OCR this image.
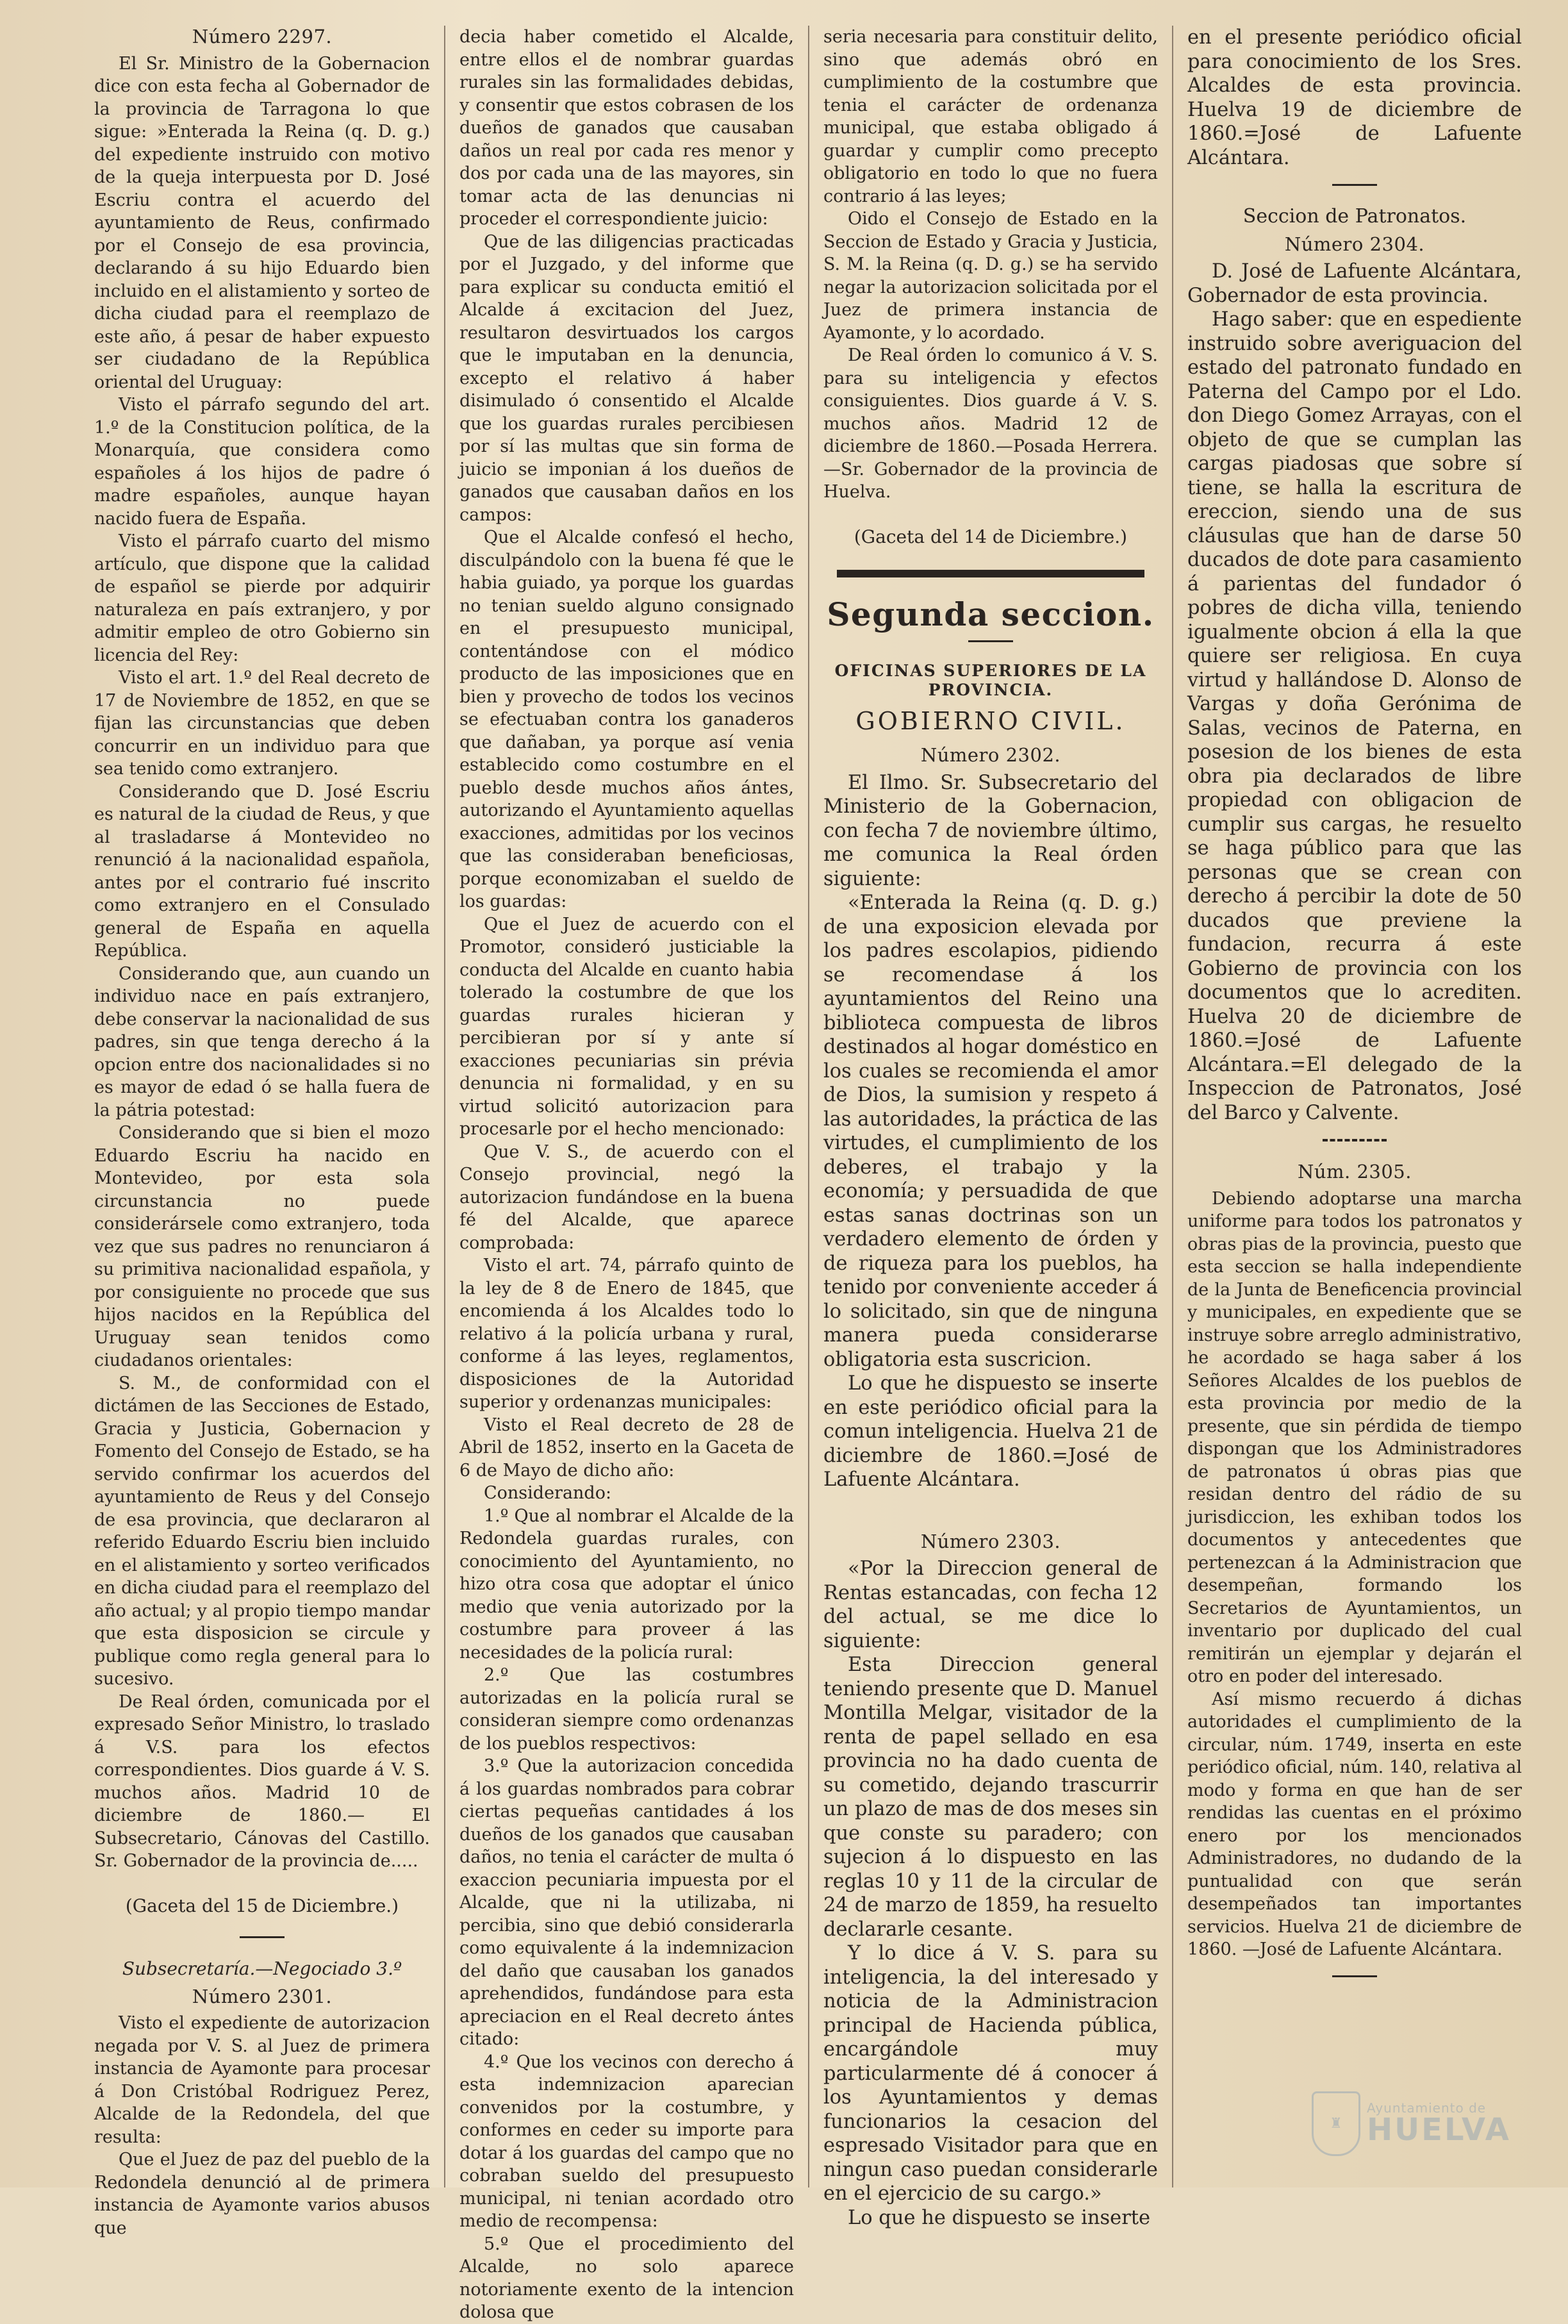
Número 2297.

El Sr. Ministro de la Gobernacion dice con esta fecha al Gobernador de la provincia de Tarragona lo que sigue: »Enterada la Reina (q. D. g.) del expediente instruido con motivo de la queja interpuesta por D. José Escriu contra el acuerdo del ayuntamiento de Reus, confirmado por el Consejo de esa provincia, declarando á su hijo Eduardo bien incluido en el alistamiento y sorteo de dicha ciudad para el reemplazo de este año, á pesar de haber expuesto ser ciudadano de la República oriental del Uruguay:

Visto el párrafo segundo del art. 1.º de la Constitucion política, de la Monarquía, que considera como españoles á los hijos de padre ó madre españoles, aunque hayan nacido fuera de España.

Visto el párrafo cuarto del mismo artículo, que dispone que la calidad de español se pierde por adquirir naturaleza en país extranjero, y por admitir empleo de otro Gobierno sin licencia del Rey:

Visto el art. 1.º del Real decreto de 17 de Noviembre de 1852, en que se fijan las circunstancias que deben concurrir en un individuo para que sea tenido como extranjero.

Considerando que D. José Escriu es natural de la ciudad de Reus, y que al trasladarse á Montevideo no renunció á la nacionalidad española, antes por el contrario fué inscrito como extranjero en el Consulado general de España en aquella República.

Considerando que, aun cuando un individuo nace en país extranjero, debe conservar la nacionalidad de sus padres, sin que tenga derecho á la opcion entre dos nacionalidades si no es mayor de edad ó se halla fuera de la pátria potestad:

Considerando que si bien el mozo Eduardo Escriu ha nacido en Montevideo, por esta sola circunstancia no puede considerársele como extranjero, toda vez que sus padres no renunciaron á su primitiva nacionalidad española, y por consiguiente no procede que sus hijos nacidos en la República del Uruguay sean tenidos como ciudadanos orientales:

S. M., de conformidad con el dictámen de las Secciones de Estado, Gracia y Justicia, Gobernacion y Fomento del Consejo de Estado, se ha servido confirmar los acuerdos del ayuntamiento de Reus y del Consejo de esa provincia, que declararon al referido Eduardo Escriu bien incluido en el alistamiento y sorteo verificados en dicha ciudad para el reemplazo del año actual; y al propio tiempo mandar que esta disposicion se circule y publique como regla general para lo sucesivo.

De Real órden, comunicada por el expresado Señor Ministro, lo traslado á V.S. para los efectos correspondientes. Dios guarde á V. S. muchos años. Madrid 10 de diciembre de 1860.— El Subsecretario, Cánovas del Castillo. Sr. Gobernador de la provincia de.....

(Gaceta del 15 de Diciembre.)
Subsecretaría.—Negociado 3.º
Número 2301.

Visto el expediente de autorizacion negada por V. S. al Juez de primera instancia de Ayamonte para procesar á Don Cristóbal Rodriguez Perez, Alcalde de la Redondela, del que resulta:

Que el Juez de paz del pueblo de la Redondela denunció al de primera instancia de Ayamonte varios abusos que

decia haber cometido el Alcalde, entre ellos el de nombrar guardas rurales sin las formalidades debidas, y consentir que estos cobrasen de los dueños de ganados que causaban daños un real por cada res menor y dos por cada una de las mayores, sin tomar acta de las denuncias ni proceder el correspondiente juicio:

Que de las diligencias practicadas por el Juzgado, y del informe que para explicar su conducta emitió el Alcalde á excitacion del Juez, resultaron desvirtuados los cargos que le imputaban en la denuncia, excepto el relativo á haber disimulado ó consentido el Alcalde que los guardas rurales percibiesen por sí las multas que sin forma de juicio se imponian á los dueños de ganados que causaban daños en los campos:

Que el Alcalde confesó el hecho, disculpándolo con la buena fé que le habia guiado, ya porque los guardas no tenian sueldo alguno consignado en el presupuesto municipal, contentándose con el módico producto de las imposiciones que en bien y provecho de todos los vecinos se efectuaban contra los ganaderos que dañaban, ya porque así venia establecido como costumbre en el pueblo desde muchos años ántes, autorizando el Ayuntamiento aquellas exacciones, admitidas por los vecinos que las consideraban beneficiosas, porque economizaban el sueldo de los guardas:

Que el Juez de acuerdo con el Promotor, consideró justiciable la conducta del Alcalde en cuanto habia tolerado la costumbre de que los guardas rurales hicieran y percibieran por sí y ante sí exacciones pecuniarias sin prévia denuncia ni formalidad, y en su virtud solicitó autorizacion para procesarle por el hecho mencionado:

Que V. S., de acuerdo con el Consejo provincial, negó la autorizacion fundándose en la buena fé del Alcalde, que aparece comprobada:

Visto el art. 74, párrafo quinto de la ley de 8 de Enero de 1845, que encomienda á los Alcaldes todo lo relativo á la policía urbana y rural, conforme á las leyes, reglamentos, disposiciones de la Autoridad superior y ordenanzas municipales:

Visto el Real decreto de 28 de Abril de 1852, inserto en la Gaceta de 6 de Mayo de dicho año:

Considerando:

1.º Que al nombrar el Alcalde de la Redondela guardas rurales, con conocimiento del Ayuntamiento, no hizo otra cosa que adoptar el único medio que venia autorizado por la costumbre para proveer á las necesidades de la policía rural:

2.º Que las costumbres autorizadas en la policía rural se consideran siempre como ordenanzas de los pueblos respectivos:

3.º Que la autorizacion concedida á los guardas nombrados para cobrar ciertas pequeñas cantidades á los dueños de los ganados que causaban daños, no tenia el carácter de multa ó exaccion pecuniaria impuesta por el Alcalde, que ni la utilizaba, ni percibia, sino que debió considerarla como equivalente á la indemnizacion del daño que causaban los ganados aprehendidos, fundándose para esta apreciacion en el Real decreto ántes citado:

4.º Que los vecinos con derecho á esta indemnizacion aparecian convenidos por la costumbre, y conformes en ceder su importe para dotar á los guardas del campo que no cobraban sueldo del presupuesto municipal, ni tenian acordado otro medio de recompensa:

5.º Que el procedimiento del Alcalde, no solo aparece notoriamente exento de la intencion dolosa que

seria necesaria para constituir delito, sino que además obró en cumplimiento de la costumbre que tenia el carácter de ordenanza municipal, que estaba obligado á guardar y cumplir como precepto obligatorio en todo lo que no fuera contrario á las leyes;

Oido el Consejo de Estado en la Seccion de Estado y Gracia y Justicia, S. M. la Reina (q. D. g.) se ha servido negar la autorizacion solicitada por el Juez de primera instancia de Ayamonte, y lo acordado.

De Real órden lo comunico á V. S. para su inteligencia y efectos consiguientes. Dios guarde á V. S. muchos años. Madrid 12 de diciembre de 1860.—Posada Herrera.—Sr. Gobernador de la provincia de Huelva.

(Gaceta del 14 de Diciembre.)
Segunda seccion.
OFICINAS SUPERIORES DE LA PROVINCIA.
GOBIERNO CIVIL.
Número 2302.

El Ilmo. Sr. Subsecretario del Ministerio de la Gobernacion, con fecha 7 de noviembre último, me comunica la Real órden siguiente:

«Enterada la Reina (q. D. g.) de una exposicion elevada por los padres escolapios, pidiendo se recomendase á los ayuntamientos del Reino una biblioteca compuesta de libros destinados al hogar doméstico en los cuales se recomienda el amor de Dios, la sumision y respeto á las autoridades, la práctica de las virtudes, el cumplimiento de los deberes, el trabajo y la economía; y persuadida de que estas sanas doctrinas son un verdadero elemento de órden y de riqueza para los pueblos, ha tenido por conveniente acceder á lo solicitado, sin que de ninguna manera pueda considerarse obligatoria esta suscricion.

Lo que he dispuesto se inserte en este periódico oficial para la comun inteligencia. Huelva 21 de diciembre de 1860.=José de Lafuente Alcántara.

Número 2303.

«Por la Direccion general de Rentas estancadas, con fecha 12 del actual, se me dice lo siguiente:

Esta Direccion general teniendo presente que D. Manuel Montilla Melgar, visitador de la renta de papel sellado en esa provincia no ha dado cuenta de su cometido, dejando trascurrir un plazo de mas de dos meses sin que conste su paradero; con sujecion á lo dispuesto en las reglas 10 y 11 de la circular de 24 de marzo de 1859, ha resuelto declararle cesante.

Y lo dice á V. S. para su inteligencia, la del interesado y noticia de la Administracion principal de Hacienda pública, encargándole muy particularmente dé á conocer á los Ayuntamientos y demas funcionarios la cesacion del espresado Visitador para que en ningun caso puedan considerarle en el ejercicio de su cargo.»

Lo que he dispuesto se inserte

en el presente periódico oficial para conocimiento de los Sres. Alcaldes de esta provincia. Huelva 19 de diciembre de 1860.=José de Lafuente Alcántara.

Seccion de Patronatos.
Número 2304.

D. José de Lafuente Alcántara, Gobernador de esta provincia.

Hago saber: que en espediente instruido sobre averiguacion del estado del patronato fundado en Paterna del Campo por el Ldo. don Diego Gomez Arrayas, con el objeto de que se cumplan las cargas piadosas que sobre sí tiene, se halla la escritura de ereccion, siendo una de sus cláusulas que han de darse 50 ducados de dote para casamiento á parientas del fundador ó pobres de dicha villa, teniendo igualmente obcion á ella la que quiere ser religiosa. En cuya virtud y hallándose D. Alonso de Vargas y doña Gerónima de Salas, vecinos de Paterna, en posesion de los bienes de esta obra pia declarados de libre propiedad con obligacion de cumplir sus cargas, he resuelto se haga público para que las personas que se crean con derecho á percibir la dote de 50 ducados que previene la fundacion, recurra á este Gobierno de provincia con los documentos que lo acrediten. Huelva 20 de diciembre de 1860.=José de Lafuente Alcántara.=El delegado de la Inspeccion de Patronatos, José del Barco y Calvente.

Núm. 2305.

Debiendo adoptarse una marcha uniforme para todos los patronatos y obras pias de la provincia, puesto que esta seccion se halla independiente de la Junta de Beneficencia provincial y municipales, en expediente que se instruye sobre arreglo administrativo, he acordado se haga saber á los Señores Alcaldes de los pueblos de esta provincia por medio de la presente, que sin pérdida de tiempo dispongan que los Administradores de patronatos ú obras pias que residan dentro del rádio de su jurisdiccion, les exhiban todos los documentos y antecedentes que pertenezcan á la Administracion que desempeñan, formando los Secretarios de Ayuntamientos, un inventario por duplicado del cual remitirán un ejemplar y dejarán el otro en poder del interesado.

Así mismo recuerdo á dichas autoridades el cumplimiento de la circular, núm. 1749, inserta en este periódico oficial, núm. 140, relativa al modo y forma en que han de ser rendidas las cuentas en el próximo enero por los mencionados Administradores, no dudando de la puntualidad con que serán desempeñados tan importantes servicios. Huelva 21 de diciembre de 1860. —José de Lafuente Alcántara.

♜
Ayuntamiento de
HUELVA
